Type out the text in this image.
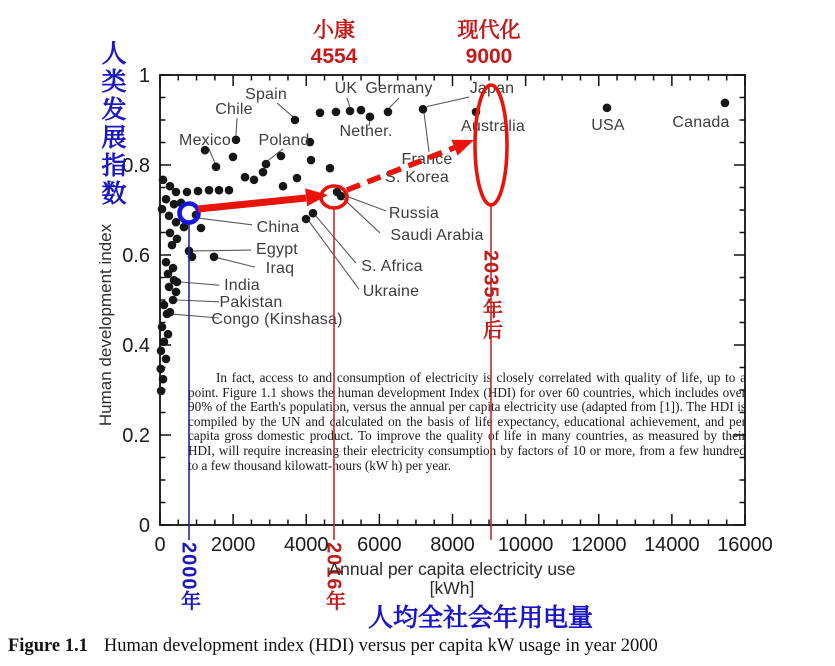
0 2000 4000 6000 8000 10000 12000 14000 16000
0
0.2
0.4
0.6
0.8
1
Spain
Chile
Mexico Poland
Nether.
UK Germany Japan
France
S. Korea
Russia
Saudi Arabia
S. Africa
Ukraine
China
Egypt
Iraq
India
Pakistan
Congo (Kinshasa)
Australia	USA	Canada
In fact, access to and consumption of electricity is closely correlated with quality of life, up to a point. Figure 1.1 shows the human development Index (HDI) for over 60 countries, which includes over 90% of the Earth's population, versus the annual per capita electricity use (adapted from [1]). The HDI is compiled by the UN and calculated on the basis of life expectancy, educational achievement, and per capita gross domestic product. To improve the quality of life in many countries, as measured by their HDI, will require increasing their electricity consumption by factors of 10 or more, from a few hundred to a few thousand kilowatt-hours (kW h) per year.
人类发展指数
Human development index
小康
4554
现代化
9000
2000年	2016年
2035年后
Annual per capita electricity use
[kWh]
人均全社会年用电量
Figure 1.1 Human development index (HDI) versus per capita kW usage in year 2000
